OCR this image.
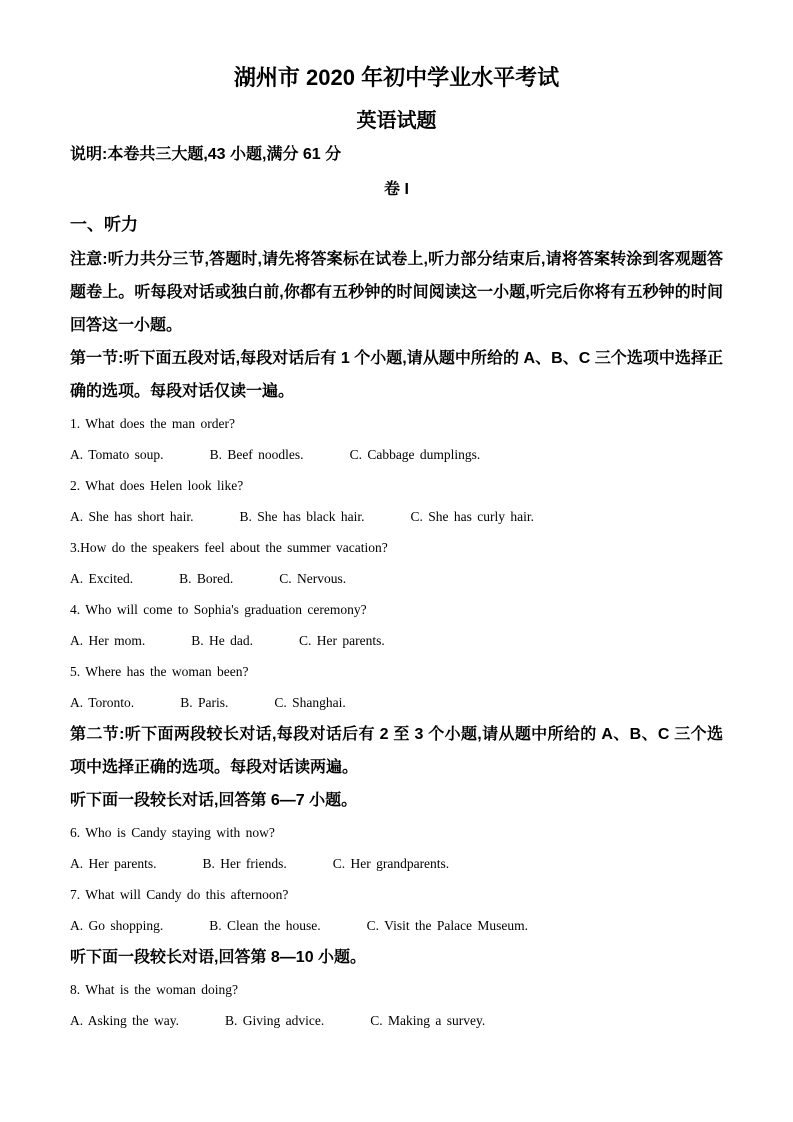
湖州市 2020 年初中学业水平考试
英语试题

说明:本卷共三大题,43 小题,满分 61 分

卷 I

一、听力

注意:听力共分三节,答题时,请先将答案标在试卷上,听力部分结束后,请将答案转涂到客观题答题卷上。听每段对话或独白前,你都有五秒钟的时间阅读这一小题,听完后你将有五秒钟的时间回答这一小题。

第一节:听下面五段对话,每段对话后有 1 个小题,请从题中所给的 A、B、C 三个选项中选择正确的选项。每段对话仅读一遍。

1. What does the man order?

A. Tomato soup.	B. Beef noodles.	C. Cabbage dumplings.

2. What does Helen look like?

A. She has short hair.	B. She has black hair.	C. She has curly hair.

3.How do the speakers feel about the summer vacation?

A. Excited.	B. Bored.	C. Nervous.

4. Who will come to Sophia's graduation ceremony?

A. Her mom.	B. He dad.	C. Her parents.

5. Where has the woman been?

A. Toronto.	B. Paris.	C. Shanghai.

第二节:听下面两段较长对话,每段对话后有 2 至 3 个小题,请从题中所给的 A、B、C 三个选项中选择正确的选项。每段对话读两遍。

听下面一段较长对话,回答第 6—7 小题。

6. Who is Candy staying with now?

A. Her parents.	B. Her friends.	C. Her grandparents.

7. What will Candy do this afternoon?

A. Go shopping.	B. Clean the house.	C. Visit the Palace Museum.

听下面一段较长对语,回答第 8—10 小题。

8. What is the woman doing?

A. Asking the way.	B. Giving advice.	C. Making a survey.
